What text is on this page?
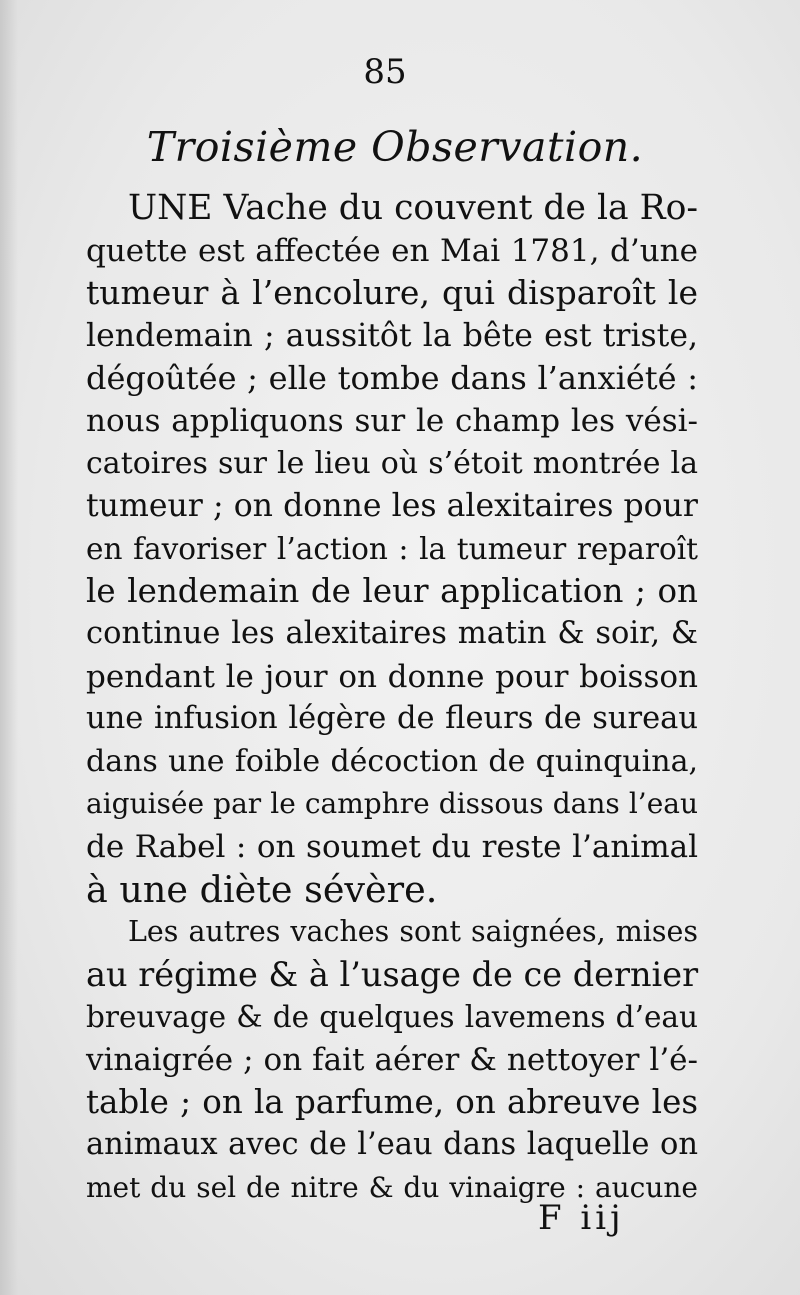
85
Troisième Observation.
UNE Vache du couvent de la Ro-
quette est affectée en Mai 1781, d’une
tumeur à l’encolure, qui disparoît le
lendemain ; aussitôt la bête est triste,
dégoûtée ; elle tombe dans l’anxiété :
nous appliquons sur le champ les vési-
catoires sur le lieu où s’étoit montrée la
tumeur ; on donne les alexitaires pour
en favoriser l’action : la tumeur reparoît
le lendemain de leur application ; on
continue les alexitaires matin & soir, &
pendant le jour on donne pour boisson
une infusion légère de fleurs de sureau
dans une foible décoction de quinquina,
aiguisée par le camphre dissous dans l’eau
de Rabel : on soumet du reste l’animal
à une diète sévère.
Les autres vaches sont saignées, mises
au régime & à l’usage de ce dernier
breuvage & de quelques lavemens d’eau
vinaigrée ; on fait aérer & nettoyer l’é-
table ; on la parfume, on abreuve les
animaux avec de l’eau dans laquelle on
met du sel de nitre & du vinaigre : aucune
F iij
